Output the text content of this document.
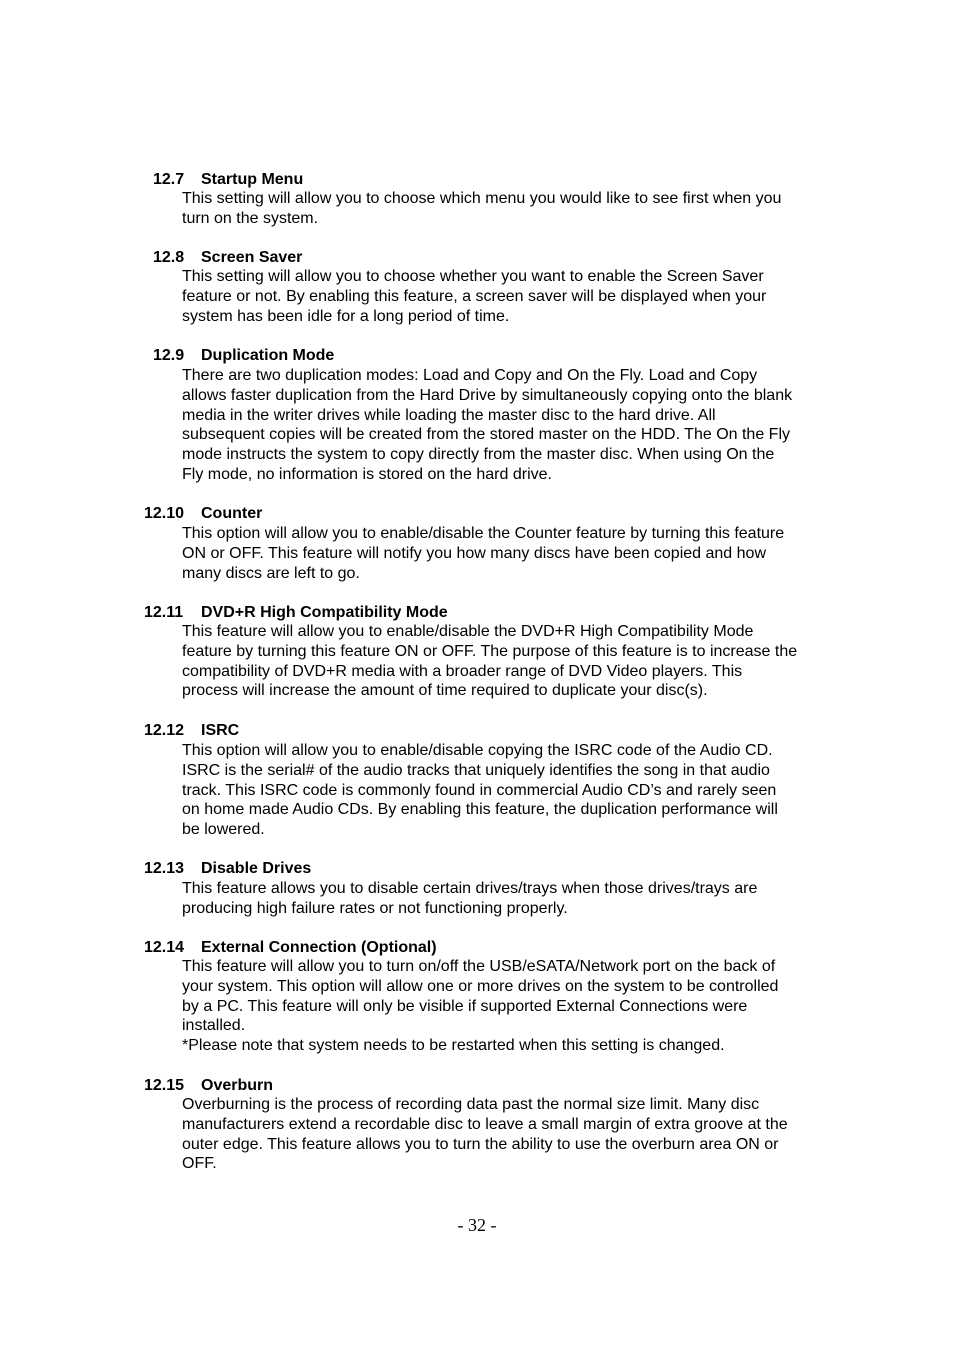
12.7 Startup Menu

This setting will allow you to choose which menu you would like to see first when you
turn on the system.

12.8 Screen Saver

This setting will allow you to choose whether you want to enable the Screen Saver
feature or not. By enabling this feature, a screen saver will be displayed when your
system has been idle for a long period of time.

12.9 Duplication Mode

There are two duplication modes: Load and Copy and On the Fly. Load and Copy
allows faster duplication from the Hard Drive by simultaneously copying onto the blank
media in the writer drives while loading the master disc to the hard drive. All
subsequent copies will be created from the stored master on the HDD. The On the Fly
mode instructs the system to copy directly from the master disc. When using On the
Fly mode, no information is stored on the hard drive.

12.10 Counter

This option will allow you to enable/disable the Counter feature by turning this feature
ON or OFF. This feature will notify you how many discs have been copied and how
many discs are left to go.

12.11 DVD+R High Compatibility Mode

This feature will allow you to enable/disable the DVD+R High Compatibility Mode
feature by turning this feature ON or OFF. The purpose of this feature is to increase the
compatibility of DVD+R media with a broader range of DVD Video players. This
process will increase the amount of time required to duplicate your disc(s).

12.12 ISRC

This option will allow you to enable/disable copying the ISRC code of the Audio CD.
ISRC is the serial# of the audio tracks that uniquely identifies the song in that audio
track. This ISRC code is commonly found in commercial Audio CD’s and rarely seen
on home made Audio CDs. By enabling this feature, the duplication performance will
be lowered.

12.13 Disable Drives

This feature allows you to disable certain drives/trays when those drives/trays are
producing high failure rates or not functioning properly.

12.14 External Connection (Optional)

This feature will allow you to turn on/off the USB/eSATA/Network port on the back of
your system. This option will allow one or more drives on the system to be controlled
by a PC. This feature will only be visible if supported External Connections were
installed.

*Please note that system needs to be restarted when this setting is changed.

12.15 Overburn

Overburning is the process of recording data past the normal size limit. Many disc
manufacturers extend a recordable disc to leave a small margin of extra groove at the
outer edge. This feature allows you to turn the ability to use the overburn area ON or
OFF.

- 32 -
